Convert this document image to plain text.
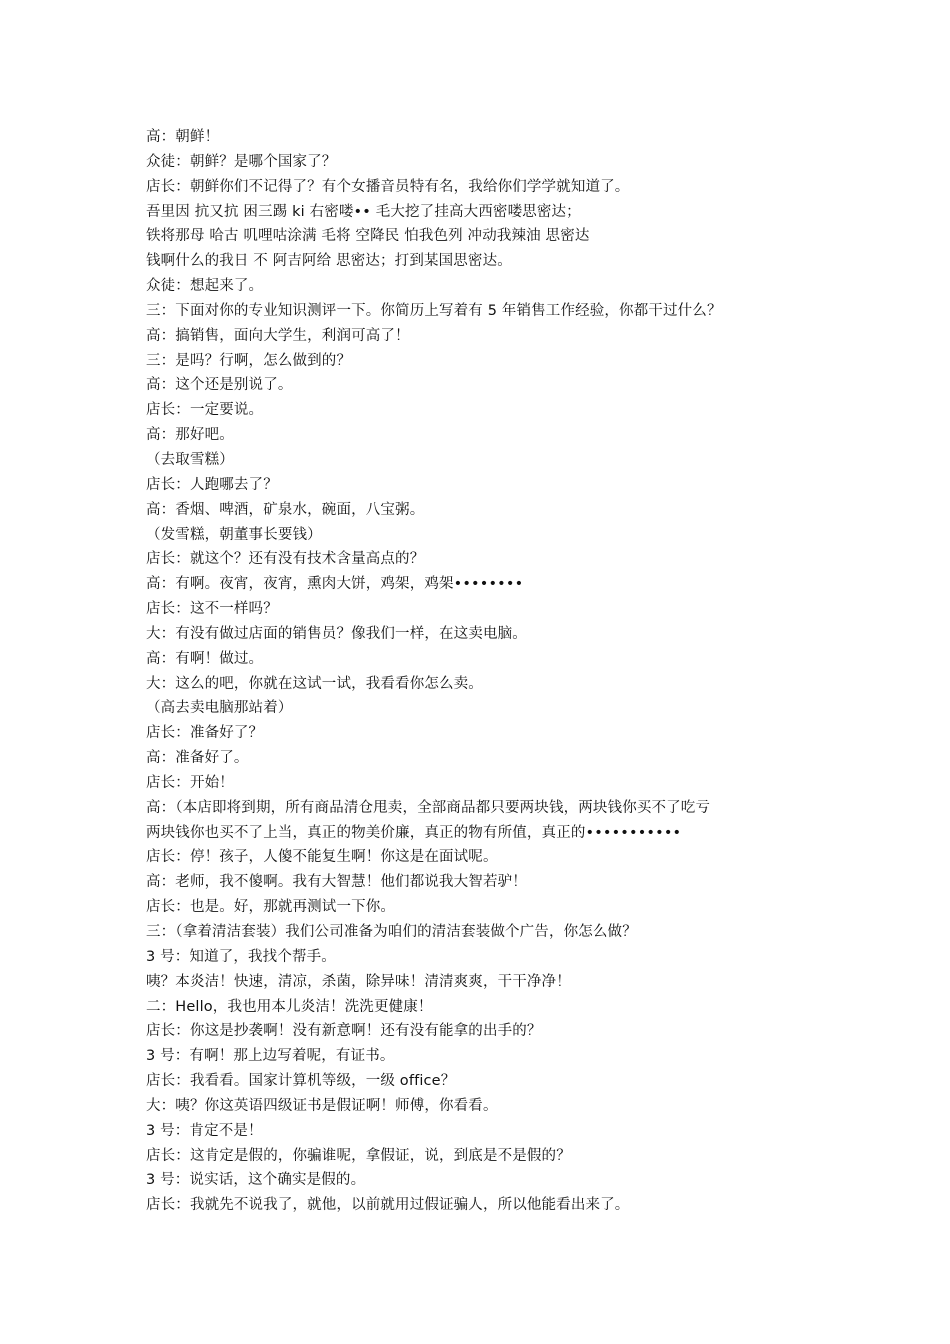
高：朝鲜！
众徒：朝鲜？是哪个国家了？
店长：朝鲜你们不记得了？有个女播音员特有名，我给你们学学就知道了。
吾里因 抗又抗 困三踢 ki 右密喽•• 毛大挖了挂高大西密喽思密达；
铁将那母 哈古 叽哩咕涂满 毛将 空降民 怕我色列 冲动我辣油 思密达
钱啊什么的我日 不 阿吉阿给 思密达；打到某国思密达。
众徒：想起来了。
三：下面对你的专业知识测评一下。你简历上写着有 5 年销售工作经验，你都干过什么？
高：搞销售，面向大学生，利润可高了！
三：是吗？行啊，怎么做到的？
高：这个还是别说了。
店长：一定要说。
高：那好吧。
（去取雪糕）
店长：人跑哪去了？
高：香烟、啤酒，矿泉水，碗面，八宝粥。
（发雪糕，朝董事长要钱）
店长：就这个？还有没有技术含量高点的？
高：有啊。夜宵，夜宵，熏肉大饼，鸡架，鸡架••••••••
店长：这不一样吗？
大：有没有做过店面的销售员？像我们一样，在这卖电脑。
高：有啊！做过。
大：这么的吧，你就在这试一试，我看看你怎么卖。
（高去卖电脑那站着）
店长：准备好了？
高：准备好了。
店长：开始！
高：（本店即将到期，所有商品清仓甩卖，全部商品都只要两块钱，两块钱你买不了吃亏
两块钱你也买不了上当，真正的物美价廉，真正的物有所值，真正的•••••••••••
店长：停！孩子，人傻不能复生啊！你这是在面试呢。
高：老师，我不傻啊。我有大智慧！他们都说我大智若驴！
店长：也是。好，那就再测试一下你。
三：（拿着清洁套装）我们公司准备为咱们的清洁套装做个广告，你怎么做？
3 号：知道了，我找个帮手。
咦？本炎洁！快速，清凉，杀菌，除异味！清清爽爽，干干净净！
二：Hello，我也用本儿炎洁！洗洗更健康！
店长：你这是抄袭啊！没有新意啊！还有没有能拿的出手的？
3 号：有啊！那上边写着呢，有证书。
店长：我看看。国家计算机等级，一级 office？
大：咦？你这英语四级证书是假证啊！师傅，你看看。
3 号：肯定不是！
店长：这肯定是假的，你骗谁呢，拿假证，说，到底是不是假的？
3 号：说实话，这个确实是假的。
店长：我就先不说我了，就他，以前就用过假证骗人，所以他能看出来了。
